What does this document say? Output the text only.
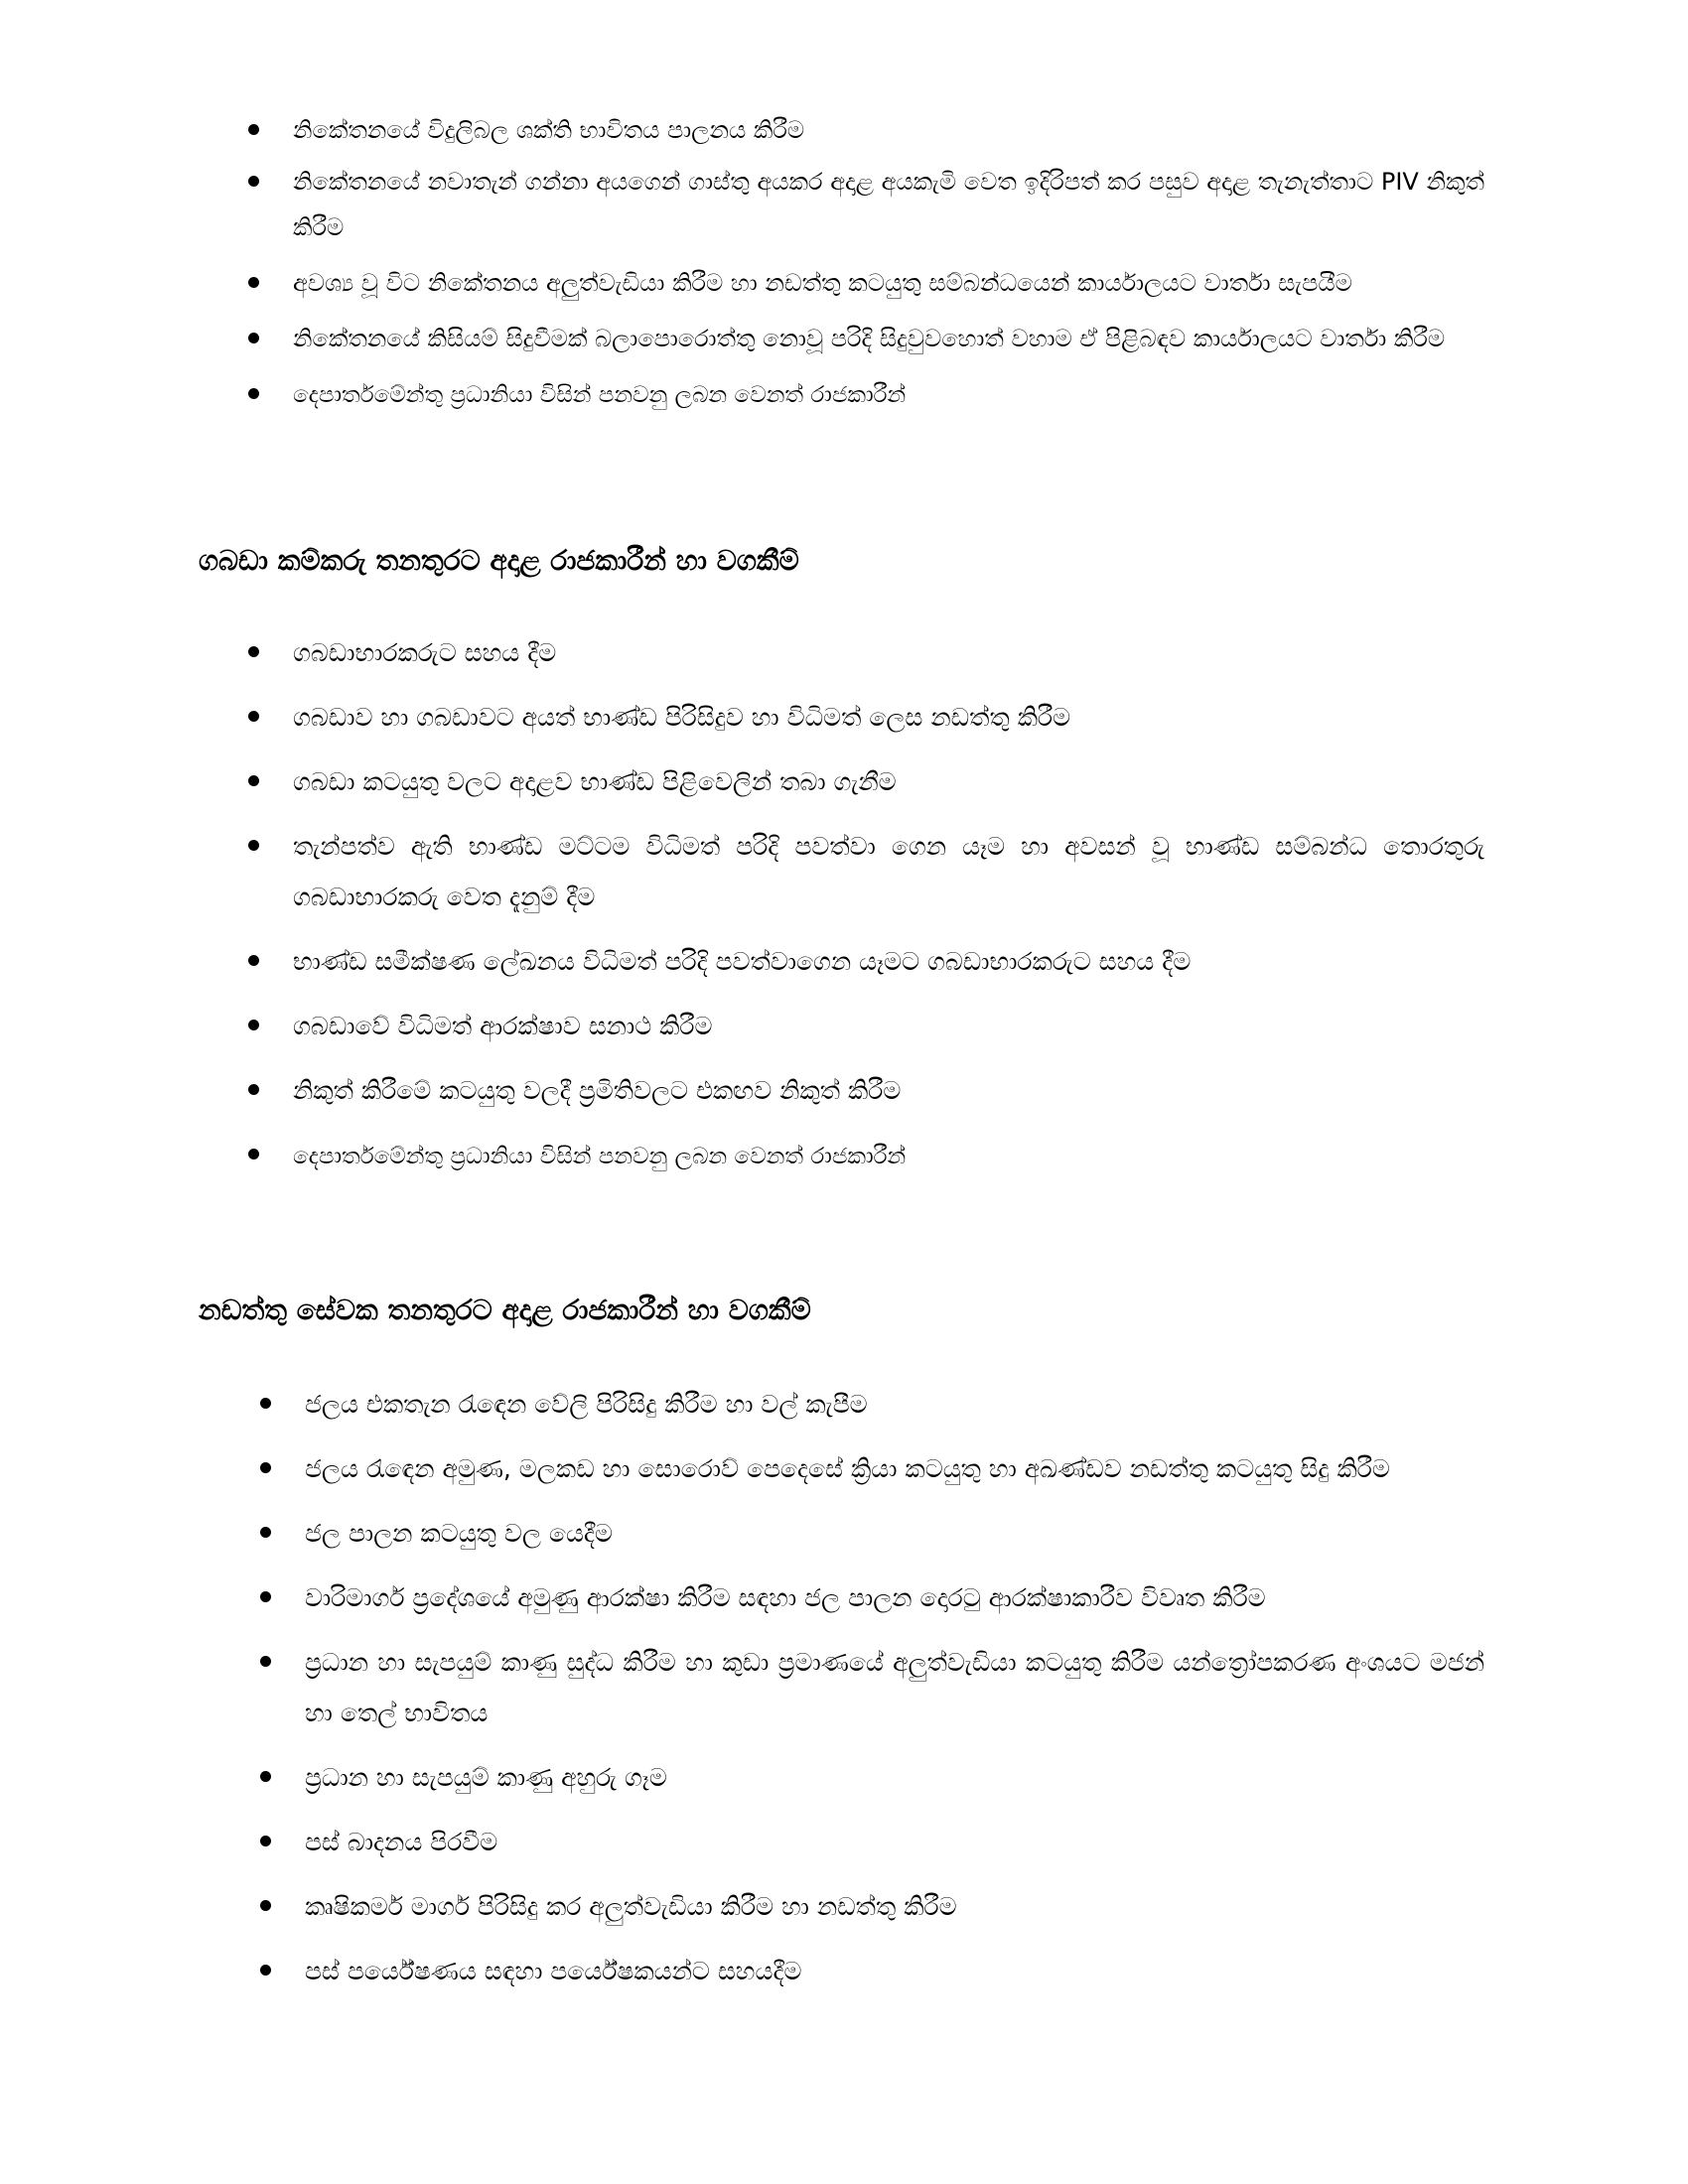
නිකේතනයේ විදුලිබල ශක්ති භාවිතය පාලනය කිරීම
නිකේතනයේ නවාතැන් ගන්නා අයගෙන් ගාස්තු අයකර අදාළ අයකැමි වෙත ඉදිරිපත් කර පසුව අදාළ තැනැත්තාට PIV නිකුත් කිරීම
අවශ්‍ය වූ විට නිකේතනය අලුත්වැඩියා කිරීම හා නඩත්තු කටයුතු සම්බන්ධයෙන් කාර්යාලයට වාර්තා සැපයීම
නිකේතනයේ කිසියම් සිදුවීමක් බලාපොරොත්තු නොවූ පරිදි සිදුවුවහොත් වහාම ඒ පිළිබඳව කාර්යාලයට වාර්තා කිරීම
දෙපාර්තමේන්තු ප්‍රධානියා විසින් පනවනු ලබන වෙනත් රාජකාරීන්
ගබඩා කම්කරු තනතුරට අදාළ රාජකාරීන් හා වගකීම්
ගබඩාභාරකරුට සහය දීම
ගබඩාව හා ගබඩාවට අයත් භාණ්ඩ පිරිසිදුව හා විධිමත් ලෙස නඩත්තු කිරීම
ගබඩා කටයුතු වලට අදාළව භාණ්ඩ පිළිවෙලින් තබා ගැනීම
තැන්පත්ව ඇති භාණ්ඩ මට්ටම විධිමත් පරිදි පවත්වා ගෙන යෑම හා අවසන් වූ භාණ්ඩ සම්බන්ධ තොරතුරු ගබඩාභාරකරු වෙත දැනුම් දීම
භාණ්ඩ සමීක්ෂණ ලේඛනය විධිමත් පරිදි පවත්වාගෙන යෑමට ගබඩාභාරකරුට සහය දීම
ගබඩාවේ විධිමත් ආරක්ෂාව සනාථ කිරීම
නිකුත් කිරීමේ කටයුතු වලදී ප්‍රමිතිවලට එකඟව නිකුත් කිරීම
දෙපාර්තමේන්තු ප්‍රධානියා විසින් පනවනු ලබන වෙනත් රාජකාරීන්
නඩත්තු සේවක තනතුරට අදාළ රාජකාරීන් හා වගකීම්
ජලය එකතැන රැඳෙන වේලි පිරිසිදු කිරීම හා වල් කැපීම
ජලය රැඳෙන අමුණ, මලකඩ හා සොරොව් පෙදෙසේ ක්‍රියා කටයුතු හා අඛණ්ඩව නඩත්තු කටයුතු සිදු කිරීම
ජල පාලන කටයුතු වල යෙදීම
වාරිමාර්ග ප්‍රදේශයේ අමුණු ආරක්ෂා කිරීම සඳහා ජල පාලන දොරටු ආරක්ෂාකාරීව විවෘත කිරීම
ප්‍රධාන හා සැපයුම් කාණු සුද්ධ කිරීම හා කුඩා ප්‍රමාණයේ අලුත්වැඩියා කටයුතු කිරීම යන්ත්‍රෝපකරණ අංශයට මජන් හා තෙල් භාවිතය
ප්‍රධාන හා සැපයුම් කාණු අහුරු ගෑම
පස් බාදනය පිරවීම
කෘෂිකර්ම මාර්ග පිරිසිදු කර අලුත්වැඩියා කිරීම හා නඩත්තු කිරීම
පස් පර්යේෂණය සඳහා පර්යේෂකයන්ට සහයදීම
